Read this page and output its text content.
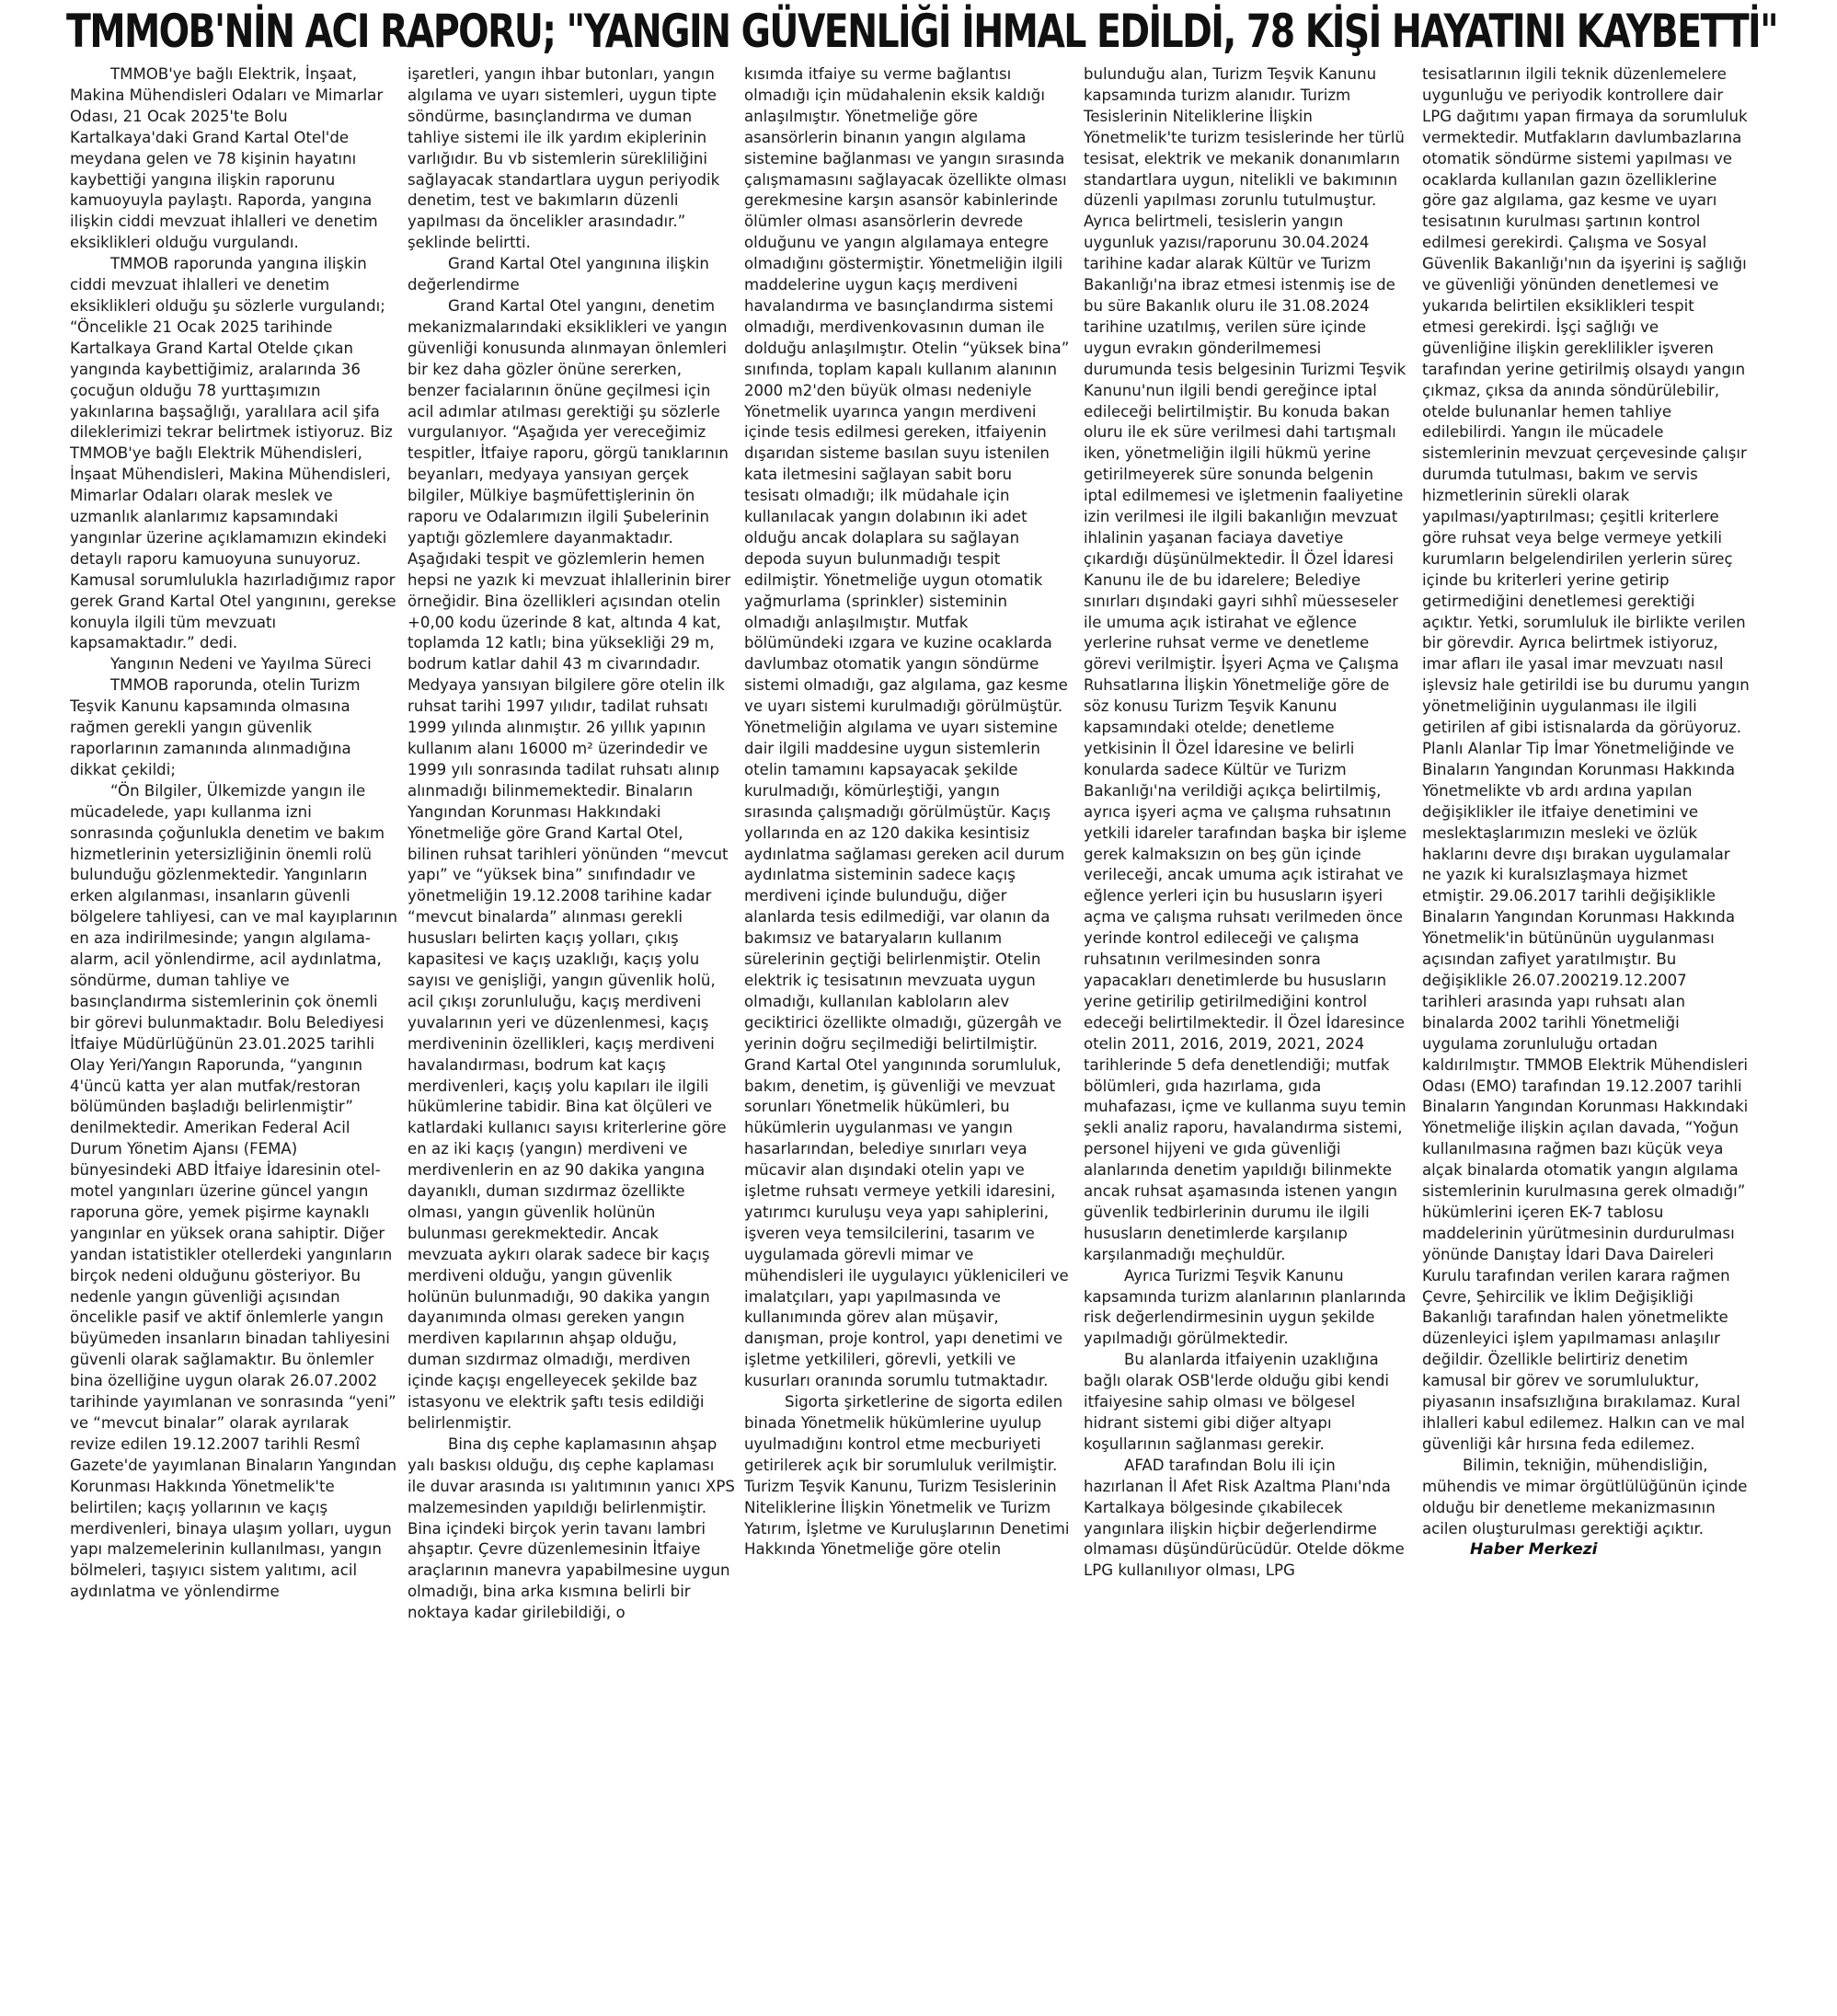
TMMOB'NİN ACI RAPORU; "YANGIN GÜVENLİĞİ İHMAL EDİLDİ, 78 KİŞİ HAYATINI KAYBETTİ"

TMMOB'ye bağlı Elektrik, İnşaat, Makina Mühendisleri Odaları ve Mimarlar Odası, 21 Ocak 2025'te Bolu Kartalkaya'daki Grand Kartal Otel'de meydana gelen ve 78 kişinin hayatını kaybettiği yangına ilişkin raporunu kamuoyuyla paylaştı. Raporda, yangına ilişkin ciddi mevzuat ihlalleri ve denetim eksiklikleri olduğu vurgulandı.

TMMOB raporunda yangına ilişkin ciddi mevzuat ihlalleri ve denetim eksiklikleri olduğu şu sözlerle vurgulandı; “Öncelikle 21 Ocak 2025 tarihinde Kartalkaya Grand Kartal Otelde çıkan yangında kaybettiğimiz, aralarında 36 çocuğun olduğu 78 yurttaşımızın yakınlarına başsağlığı, yaralılara acil şifa dileklerimizi tekrar belirtmek istiyoruz. Biz TMMOB'ye bağlı Elektrik Mühendisleri, İnşaat Mühendisleri, Makina Mühendisleri, Mimarlar Odaları olarak meslek ve uzmanlık alanlarımız kapsamındaki yangınlar üzerine açıklamamızın ekindeki detaylı raporu kamuoyuna sunuyoruz. Kamusal sorumlulukla hazırladığımız rapor gerek Grand Kartal Otel yangınını, gerekse konuyla ilgili tüm mevzuatı kapsamaktadır.” dedi.

Yangının Nedeni ve Yayılma Süreci

TMMOB raporunda, otelin Turizm Teşvik Kanunu kapsamında olmasına rağmen gerekli yangın güvenlik raporlarının zamanında alınmadığına dikkat çekildi;

“Ön Bilgiler, Ülkemizde yangın ile mücadelede, yapı kullanma izni sonrasında çoğunlukla denetim ve bakım hizmetlerinin yetersizliğinin önemli rolü bulunduğu gözlenmektedir. Yangınların erken algılanması, insanların güvenli bölgelere tahliyesi, can ve mal kayıplarının en aza indirilmesinde; yangın algılama-alarm, acil yönlendirme, acil aydınlatma, söndürme, duman tahliye ve basınçlandırma sistemlerinin çok önemli bir görevi bulunmaktadır. Bolu Belediyesi İtfaiye Müdürlüğünün 23.01.2025 tarihli Olay Yeri/Yangın Raporunda, “yangının 4'üncü katta yer alan mutfak/restoran bölümünden başladığı belirlenmiştir” denilmektedir. Amerikan Federal Acil Durum Yönetim Ajansı (FEMA) bünyesindeki ABD İtfaiye İdaresinin otel-motel yangınları üzerine güncel yangın raporuna göre, yemek pişirme kaynaklı yangınlar en yüksek orana sahiptir. Diğer yandan istatistikler otellerdeki yangınların birçok nedeni olduğunu gösteriyor. Bu nedenle yangın güvenliği açısından öncelikle pasif ve aktif önlemlerle yangın büyümeden insanların binadan tahliyesini güvenli olarak sağlamaktır. Bu önlemler bina özelliğine uygun olarak 26.07.2002 tarihinde yayımlanan ve sonrasında “yeni” ve “mevcut binalar” olarak ayrılarak revize edilen 19.12.2007 tarihli Resmî Gazete'de yayımlanan Binaların Yangından Korunması Hakkında Yönetmelik'te belirtilen; kaçış yollarının ve kaçış merdivenleri, binaya ulaşım yolları, uygun yapı malzemelerinin kullanılması, yangın bölmeleri, taşıyıcı sistem yalıtımı, acil aydınlatma ve yönlendirme

işaretleri, yangın ihbar butonları, yangın algılama ve uyarı sistemleri, uygun tipte söndürme, basınçlandırma ve duman tahliye sistemi ile ilk yardım ekiplerinin varlığıdır. Bu vb sistemlerin sürekliliğini sağlayacak standartlara uygun periyodik denetim, test ve bakımların düzenli yapılması da öncelikler arasındadır.” şeklinde belirtti.

Grand Kartal Otel yangınına ilişkin değerlendirme

Grand Kartal Otel yangını, denetim mekanizmalarındaki eksiklikleri ve yangın güvenliği konusunda alınmayan önlemleri bir kez daha gözler önüne sererken, benzer facialarının önüne geçilmesi için acil adımlar atılması gerektiği şu sözlerle vurgulanıyor. “Aşağıda yer vereceğimiz tespitler, İtfaiye raporu, görgü tanıklarının beyanları, medyaya yansıyan gerçek bilgiler, Mülkiye başmüfettişlerinin ön raporu ve Odalarımızın ilgili Şubelerinin yaptığı gözlemlere dayanmaktadır. Aşağıdaki tespit ve gözlemlerin hemen hepsi ne yazık ki mevzuat ihlallerinin birer örneğidir. Bina özellikleri açısından otelin +0,00 kodu üzerinde 8 kat, altında 4 kat, toplamda 12 katlı; bina yüksekliği 29 m, bodrum katlar dahil 43 m civarındadır. Medyaya yansıyan bilgilere göre otelin ilk ruhsat tarihi 1997 yılıdır, tadilat ruhsatı 1999 yılında alınmıştır. 26 yıllık yapının kullanım alanı 16000 m² üzerindedir ve 1999 yılı sonrasında tadilat ruhsatı alınıp alınmadığı bilinmemektedir. Binaların Yangından Korunması Hakkındaki Yönetmeliğe göre Grand Kartal Otel, bilinen ruhsat tarihleri yönünden “mevcut yapı” ve “yüksek bina” sınıfındadır ve yönetmeliğin 19.12.2008 tarihine kadar “mevcut binalarda” alınması gerekli hususları belirten kaçış yolları, çıkış kapasitesi ve kaçış uzaklığı, kaçış yolu sayısı ve genişliği, yangın güvenlik holü, acil çıkışı zorunluluğu, kaçış merdiveni yuvalarının yeri ve düzenlenmesi, kaçış merdiveninin özellikleri, kaçış merdiveni havalandırması, bodrum kat kaçış merdivenleri, kaçış yolu kapıları ile ilgili hükümlerine tabidir. Bina kat ölçüleri ve katlardaki kullanıcı sayısı kriterlerine göre en az iki kaçış (yangın) merdiveni ve merdivenlerin en az 90 dakika yangına dayanıklı, duman sızdırmaz özellikte olması, yangın güvenlik holünün bulunması gerekmektedir. Ancak mevzuata aykırı olarak sadece bir kaçış merdiveni olduğu, yangın güvenlik holünün bulunmadığı, 90 dakika yangın dayanımında olması gereken yangın merdiven kapılarının ahşap olduğu, duman sızdırmaz olmadığı, merdiven içinde kaçışı engelleyecek şekilde baz istasyonu ve elektrik şaftı tesis edildiği belirlenmiştir.

Bina dış cephe kaplamasının ahşap yalı baskısı olduğu, dış cephe kaplaması ile duvar arasında ısı yalıtımının yanıcı XPS malzemesinden yapıldığı belirlenmiştir. Bina içindeki birçok yerin tavanı lambri ahşaptır. Çevre düzenlemesinin İtfaiye araçlarının manevra yapabilmesine uygun olmadığı, bina arka kısmına belirli bir noktaya kadar girilebildiği, o

kısımda itfaiye su verme bağlantısı olmadığı için müdahalenin eksik kaldığı anlaşılmıştır. Yönetmeliğe göre asansörlerin binanın yangın algılama sistemine bağlanması ve yangın sırasında çalışmamasını sağlayacak özellikte olması gerekmesine karşın asansör kabinlerinde ölümler olması asansörlerin devrede olduğunu ve yangın algılamaya entegre olmadığını göstermiştir. Yönetmeliğin ilgili maddelerine uygun kaçış merdiveni havalandırma ve basınçlandırma sistemi olmadığı, merdivenkovasının duman ile dolduğu anlaşılmıştır. Otelin “yüksek bina” sınıfında, toplam kapalı kullanım alanının 2000 m2'den büyük olması nedeniyle Yönetmelik uyarınca yangın merdiveni içinde tesis edilmesi gereken, itfaiyenin dışarıdan sisteme basılan suyu istenilen kata iletmesini sağlayan sabit boru tesisatı olmadığı; ilk müdahale için kullanılacak yangın dolabının iki adet olduğu ancak dolaplara su sağlayan depoda suyun bulunmadığı tespit edilmiştir. Yönetmeliğe uygun otomatik yağmurlama (sprinkler) sisteminin olmadığı anlaşılmıştır. Mutfak bölümündeki ızgara ve kuzine ocaklarda davlumbaz otomatik yangın söndürme sistemi olmadığı, gaz algılama, gaz kesme ve uyarı sistemi kurulmadığı görülmüştür. Yönetmeliğin algılama ve uyarı sistemine dair ilgili maddesine uygun sistemlerin otelin tamamını kapsayacak şekilde kurulmadığı, kömürleştiği, yangın sırasında çalışmadığı görülmüştür. Kaçış yollarında en az 120 dakika kesintisiz aydınlatma sağlaması gereken acil durum aydınlatma sisteminin sadece kaçış merdiveni içinde bulunduğu, diğer alanlarda tesis edilmediği, var olanın da bakımsız ve bataryaların kullanım sürelerinin geçtiği belirlenmiştir. Otelin elektrik iç tesisatının mevzuata uygun olmadığı, kullanılan kabloların alev geciktirici özellikte olmadığı, güzergâh ve yerinin doğru seçilmediği belirtilmiştir. Grand Kartal Otel yangınında sorumluluk, bakım, denetim, iş güvenliği ve mevzuat sorunları Yönetmelik hükümleri, bu hükümlerin uygulanması ve yangın hasarlarından, belediye sınırları veya mücavir alan dışındaki otelin yapı ve işletme ruhsatı vermeye yetkili idaresini, yatırımcı kuruluşu veya yapı sahiplerini, işveren veya temsilcilerini, tasarım ve uygulamada görevli mimar ve mühendisleri ile uygulayıcı yüklenicileri ve imalatçıları, yapı yapılmasında ve kullanımında görev alan müşavir, danışman, proje kontrol, yapı denetimi ve işletme yetkilileri, görevli, yetkili ve kusurları oranında sorumlu tutmaktadır.

Sigorta şirketlerine de sigorta edilen binada Yönetmelik hükümlerine uyulup uyulmadığını kontrol etme mecburiyeti getirilerek açık bir sorumluluk verilmiştir. Turizm Teşvik Kanunu, Turizm Tesislerinin Niteliklerine İlişkin Yönetmelik ve Turizm Yatırım, İşletme ve Kuruluşlarının Denetimi Hakkında Yönetmeliğe göre otelin

bulunduğu alan, Turizm Teşvik Kanunu kapsamında turizm alanıdır. Turizm Tesislerinin Niteliklerine İlişkin Yönetmelik'te turizm tesislerinde her türlü tesisat, elektrik ve mekanik donanımların standartlara uygun, nitelikli ve bakımının düzenli yapılması zorunlu tutulmuştur. Ayrıca belirtmeli, tesislerin yangın uygunluk yazısı/raporunu 30.04.2024 tarihine kadar alarak Kültür ve Turizm Bakanlığı'na ibraz etmesi istenmiş ise de bu süre Bakanlık oluru ile 31.08.2024 tarihine uzatılmış, verilen süre içinde uygun evrakın gönderilmemesi durumunda tesis belgesinin Turizmi Teşvik Kanunu'nun ilgili bendi gereğince iptal edileceği belirtilmiştir. Bu konuda bakan oluru ile ek süre verilmesi dahi tartışmalı iken, yönetmeliğin ilgili hükmü yerine getirilmeyerek süre sonunda belgenin iptal edilmemesi ve işletmenin faaliyetine izin verilmesi ile ilgili bakanlığın mevzuat ihlalinin yaşanan faciaya davetiye çıkardığı düşünülmektedir. İl Özel İdaresi Kanunu ile de bu idarelere; Belediye sınırları dışındaki gayri sıhhî müesseseler ile umuma açık istirahat ve eğlence yerlerine ruhsat verme ve denetleme görevi verilmiştir. İşyeri Açma ve Çalışma Ruhsatlarına İlişkin Yönetmeliğe göre de söz konusu Turizm Teşvik Kanunu kapsamındaki otelde; denetleme yetkisinin İl Özel İdaresine ve belirli konularda sadece Kültür ve Turizm Bakanlığı'na verildiği açıkça belirtilmiş, ayrıca işyeri açma ve çalışma ruhsatının yetkili idareler tarafından başka bir işleme gerek kalmaksızın on beş gün içinde verileceği, ancak umuma açık istirahat ve eğlence yerleri için bu hususların işyeri açma ve çalışma ruhsatı verilmeden önce yerinde kontrol edileceği ve çalışma ruhsatının verilmesinden sonra yapacakları denetimlerde bu hususların yerine getirilip getirilmediğini kontrol edeceği belirtilmektedir. İl Özel İdaresince otelin 2011, 2016, 2019, 2021, 2024 tarihlerinde 5 defa denetlendiği; mutfak bölümleri, gıda hazırlama, gıda muhafazası, içme ve kullanma suyu temin şekli analiz raporu, havalandırma sistemi, personel hijyeni ve gıda güvenliği alanlarında denetim yapıldığı bilinmekte ancak ruhsat aşamasında istenen yangın güvenlik tedbirlerinin durumu ile ilgili hususların denetimlerde karşılanıp karşılanmadığı meçhuldür.

Ayrıca Turizmi Teşvik Kanunu kapsamında turizm alanlarının planlarında risk değerlendirmesinin uygun şekilde yapılmadığı görülmektedir.

Bu alanlarda itfaiyenin uzaklığına bağlı olarak OSB'lerde olduğu gibi kendi itfaiyesine sahip olması ve bölgesel hidrant sistemi gibi diğer altyapı koşullarının sağlanması gerekir.

AFAD tarafından Bolu ili için hazırlanan İl Afet Risk Azaltma Planı'nda Kartalkaya bölgesinde çıkabilecek yangınlara ilişkin hiçbir değerlendirme olmaması düşündürücüdür. Otelde dökme LPG kullanılıyor olması, LPG

tesisatlarının ilgili teknik düzenlemelere uygunluğu ve periyodik kontrollere dair LPG dağıtımı yapan firmaya da sorumluluk vermektedir. Mutfakların davlumbazlarına otomatik söndürme sistemi yapılması ve ocaklarda kullanılan gazın özelliklerine göre gaz algılama, gaz kesme ve uyarı tesisatının kurulması şartının kontrol edilmesi gerekirdi. Çalışma ve Sosyal Güvenlik Bakanlığı'nın da işyerini iş sağlığı ve güvenliği yönünden denetlemesi ve yukarıda belirtilen eksiklikleri tespit etmesi gerekirdi. İşçi sağlığı ve güvenliğine ilişkin gereklilikler işveren tarafından yerine getirilmiş olsaydı yangın çıkmaz, çıksa da anında söndürülebilir, otelde bulunanlar hemen tahliye edilebilirdi. Yangın ile mücadele sistemlerinin mevzuat çerçevesinde çalışır durumda tutulması, bakım ve servis hizmetlerinin sürekli olarak yapılması/yaptırılması; çeşitli kriterlere göre ruhsat veya belge vermeye yetkili kurumların belgelendirilen yerlerin süreç içinde bu kriterleri yerine getirip getirmediğini denetlemesi gerektiği açıktır. Yetki, sorumluluk ile birlikte verilen bir görevdir. Ayrıca belirtmek istiyoruz, imar afları ile yasal imar mevzuatı nasıl işlevsiz hale getirildi ise bu durumu yangın yönetmeliğinin uygulanması ile ilgili getirilen af gibi istisnalarda da görüyoruz. Planlı Alanlar Tip İmar Yönetmeliğinde ve Binaların Yangından Korunması Hakkında Yönetmelikte vb ardı ardına yapılan değişiklikler ile itfaiye denetimini ve meslektaşlarımızın mesleki ve özlük haklarını devre dışı bırakan uygulamalar ne yazık ki kuralsızlaşmaya hizmet etmiştir. 29.06.2017 tarihli değişiklikle Binaların Yangından Korunması Hakkında Yönetmelik'in bütününün uygulanması açısından zafiyet yaratılmıştır. Bu değişiklikle 26.07.200219.12.2007 tarihleri arasında yapı ruhsatı alan binalarda 2002 tarihli Yönetmeliği uygulama zorunluluğu ortadan kaldırılmıştır. TMMOB Elektrik Mühendisleri Odası (EMO) tarafından 19.12.2007 tarihli Binaların Yangından Korunması Hakkındaki Yönetmeliğe ilişkin açılan davada, “Yoğun kullanılmasına rağmen bazı küçük veya alçak binalarda otomatik yangın algılama sistemlerinin kurulmasına gerek olmadığı” hükümlerini içeren EK-7 tablosu maddelerinin yürütmesinin durdurulması yönünde Danıştay İdari Dava Daireleri Kurulu tarafından verilen karara rağmen Çevre, Şehircilik ve İklim Değişikliği Bakanlığı tarafından halen yönetmelikte düzenleyici işlem yapılmaması anlaşılır değildir. Özellikle belirtiriz denetim kamusal bir görev ve sorumluluktur, piyasanın insafsızlığına bırakılamaz. Kural ihlalleri kabul edilemez. Halkın can ve mal güvenliği kâr hırsına feda edilemez.

Bilimin, tekniğin, mühendisliğin, mühendis ve mimar örgütlülüğünün içinde olduğu bir denetleme mekanizmasının acilen oluşturulması gerektiği açıktır.

Haber Merkezi
